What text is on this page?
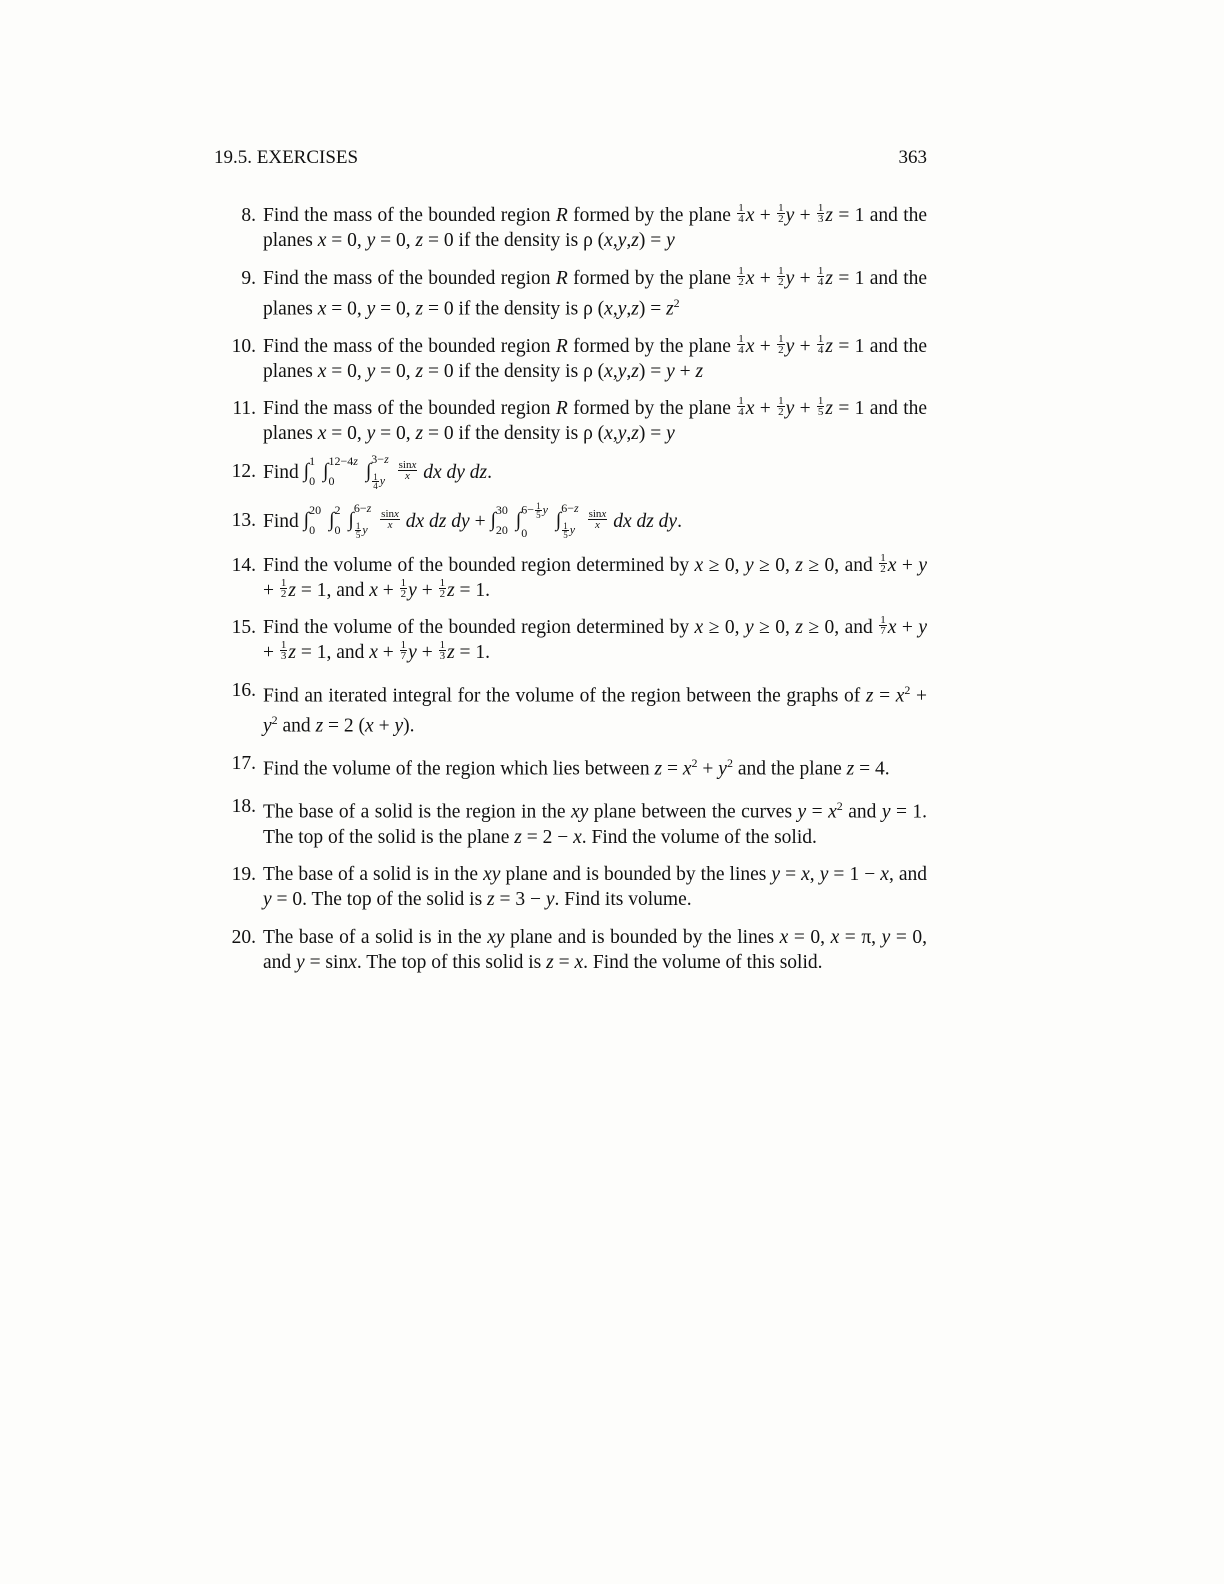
19.5. EXERCISES	363
8. Find the mass of the bounded region R formed by the plane $\frac{1}{4}$ $x + \frac{1}{2}$ $y + \frac{1}{3}$ z = 1 and the planes x = 0, y = 0, z = 0 if the density is ρ (x,y,z) = y
9. Find the mass of the bounded region R formed by the plane $\frac{1}{2}$ $x + \frac{1}{2}$ $y + \frac{1}{4}$ z = 1 and the planes x = 0, y = 0, z = 0 if the density is ρ $(x,y,z) = z^2$
10. Find the mass of the bounded region R formed by the plane $\frac{1}{4}$ $x + \frac{1}{2}$ $y + \frac{1}{4}$ z = 1 and the planes x = 0, y = 0, z = 0 if the density is ρ (x,y,z) = y + z
11. Find the mass of the bounded region R formed by the plane $\frac{1}{4}$ $x + \frac{1}{2}$ $y + \frac{1}{5}$ z = 1 and the planes x = 0, y = 0, z = 0 if the density is ρ (x,y,z) = y
12. Find ∫ 1
0 ∫ 12−4z
0	∫
3−z
$\frac{1}{4}$ y
	$\frac{\sin x}{x}$ dx dy dz.
13. Find ∫ 20
0 ∫ 2
0 ∫
6−z
$\frac{1}{5}$ y
	$\frac{\sin x}{x}$ dx dz dy + ∫ 30
20 ∫
$6- \frac{1}{5}$ y
0
∫
6−z
$\frac{1}{5}$ y
	$\frac{\sin x}{x}$ dx dz dy.
14. Find the volume of the bounded region determined by x ≥ 0, y ≥ 0, z ≥ 0, and $\frac{1}{2}$ $x + y + \frac{1}{2}$ z = 1, and $x + \frac{1}{2}$ $y + \frac{1}{2}$ z = 1.
15. Find the volume of the bounded region determined by x ≥ 0, y ≥ 0, z ≥ 0, and $\frac{1}{7}$ $x + y + \frac{1}{3}$ z = 1, and $x + \frac{1}{7}$ $y + \frac{1}{3}$ z = 1.
16. Find an iterated integral for the volume of the region between the graphs of $z = x^2 + y^2$ and z = 2 (x + y).
17. Find the volume of the region which lies between $z = x^2 + y^2$ and the plane z = 4.
18. The base of a solid is the region in the xy plane between the curves $y = x^2$ and y = 1. The top of the solid is the plane z = 2 − x. Find the volume of the solid.
19. The base of a solid is in the xy plane and is bounded by the lines y = x, y = 1 − x, and y = 0. The top of the solid is z = 3 − y. Find its volume.
20. The base of a solid is in the xy plane and is bounded by the lines x = 0, x = π, y = 0, and y = sinx. The top of this solid is z = x. Find the volume of this solid.
